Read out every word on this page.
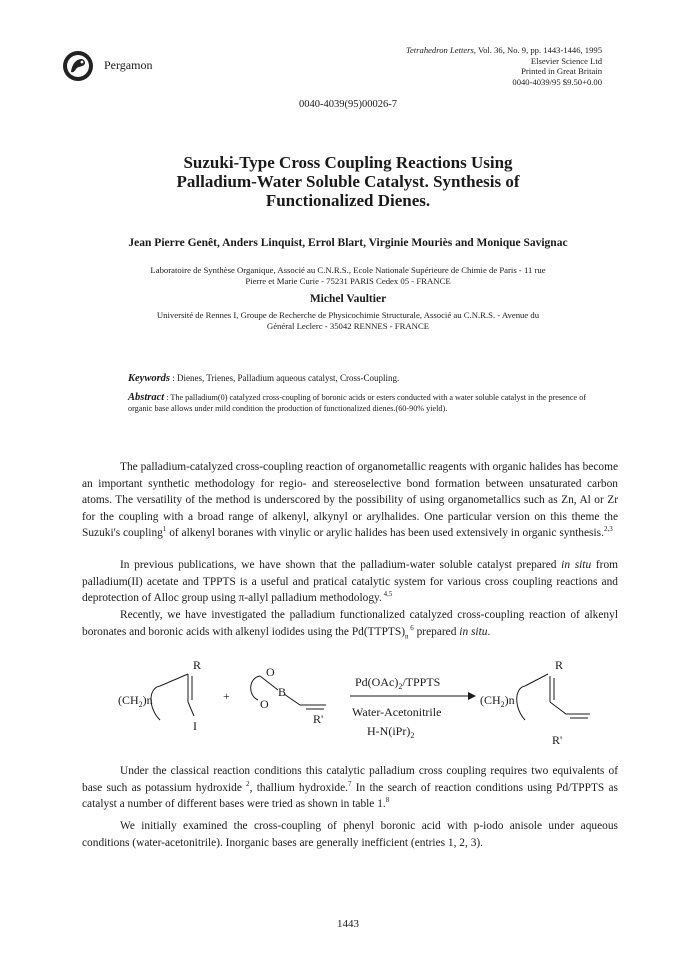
Pergamon
Tetrahedron Letters, Vol. 36, No. 9, pp. 1443-1446, 1995
Elsevier Science Ltd
Printed in Great Britain
0040-4039/95 $9.50+0.00
0040-4039(95)00026-7
Suzuki-Type Cross Coupling Reactions Using
Palladium-Water Soluble Catalyst. Synthesis of
Functionalized Dienes.
Jean Pierre Genêt, Anders Linquist, Errol Blart, Virginie Mouriès and Monique Savignac
Laboratoire de Synthèse Organique, Associé au C.N.R.S., Ecole Nationale Supérieure de Chimie de Paris - 11 rue
Pierre et Marie Curie - 75231 PARIS Cedex 05 - FRANCE
Michel Vaultier
Université de Rennes I, Groupe de Recherche de Physicochimie Structurale, Associé au C.N.R.S. - Avenue du
Général Leclerc - 35042 RENNES - FRANCE
Keywords : Dienes, Trienes, Palladium aqueous catalyst, Cross-Coupling.
Abstract : The palladium(0) catalyzed cross-coupling of boronic acids or esters conducted with a water soluble catalyst in the presence of organic base allows under mild condition the production of functionalized dienes.(60-90% yield).
The palladium-catalyzed cross-coupling reaction of organometallic reagents with organic halides has become an important synthetic methodology for regio- and stereoselective bond formation between unsaturated carbon atoms. The versatility of the method is underscored by the possibility of using organometallics such as Zn, Al or Zr for the coupling with a broad range of alkenyl, alkynyl or arylhalides. One particular version on this theme the Suzuki's coupling$^1$ of alkenyl boranes with vinylic or arylic halides has been used extensively in organic synthesis.$^{2,3}$
In previous publications, we have shown that the palladium-water soluble catalyst prepared in situ from palladium(II) acetate and TPPTS is a useful and pratical catalytic system for various cross coupling reactions and deprotection of Alloc group using π-allyl palladium methodology. $^{4,5}$
Recently, we have investigated the palladium functionalized catalyzed cross-coupling reaction of alkenyl boronates and boronic acids with alkenyl iodides using the $Pd(TTPTS)_n$ $^6$ prepared in situ.
R
$(CH_2)n$
I
+
O
O
B
R'
$Pd(OAc)_2$/TPPTS
Water-Acetonitrile
$H-N(iPr)_2$
R
$(CH_2)n$
R'
Under the classical reaction conditions this catalytic palladium cross coupling requires two equivalents of base such as potassium hydroxide $^2$, thallium hydroxide.$^7$ In the search of reaction conditions using Pd/TPPTS as catalyst a number of different bases were tried as shown in table 1.$^8$
We initially examined the cross-coupling of phenyl boronic acid with p-iodo anisole under aqueous conditions (water-acetonitrile). Inorganic bases are generally inefficient (entries 1, 2, 3).
1443
